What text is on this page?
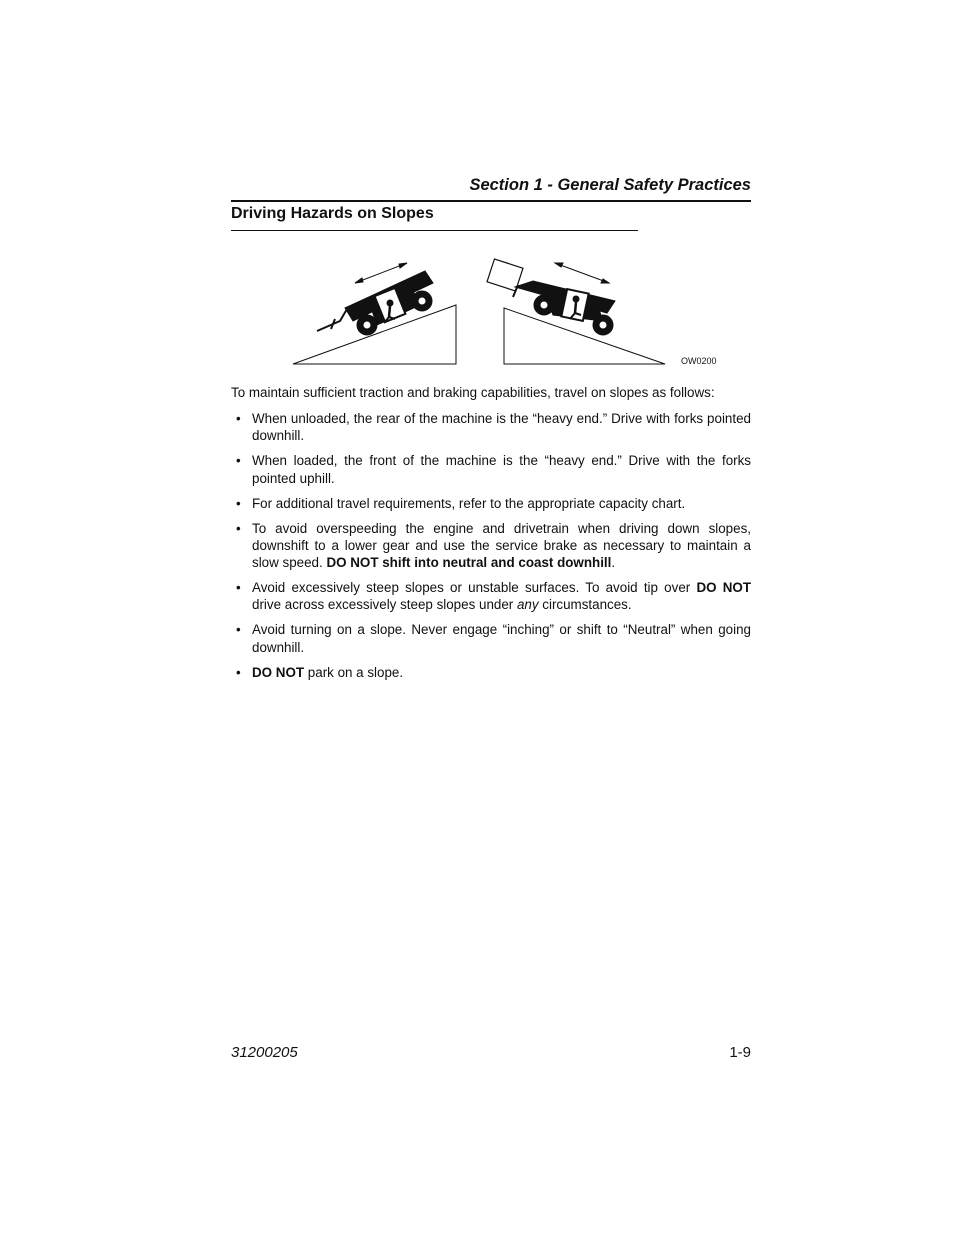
Section 1 - General Safety Practices
Driving Hazards on Slopes
OW0200
To maintain sufficient traction and braking capabilities, travel on slopes as follows:
• When unloaded, the rear of the machine is the “heavy end.” Drive with forks pointed downhill.
• When loaded, the front of the machine is the “heavy end.” Drive with the forks pointed uphill.
• For additional travel requirements, refer to the appropriate capacity chart.
• To avoid overspeeding the engine and drivetrain when driving down slopes, downshift to a lower gear and use the service brake as necessary to maintain a slow speed. DO NOT shift into neutral and coast downhill.
• Avoid excessively steep slopes or unstable surfaces. To avoid tip over DO NOT drive across excessively steep slopes under any circumstances.
• Avoid turning on a slope. Never engage “inching” or shift to “Neutral” when going downhill.
• DO NOT park on a slope.
31200205	1-9
